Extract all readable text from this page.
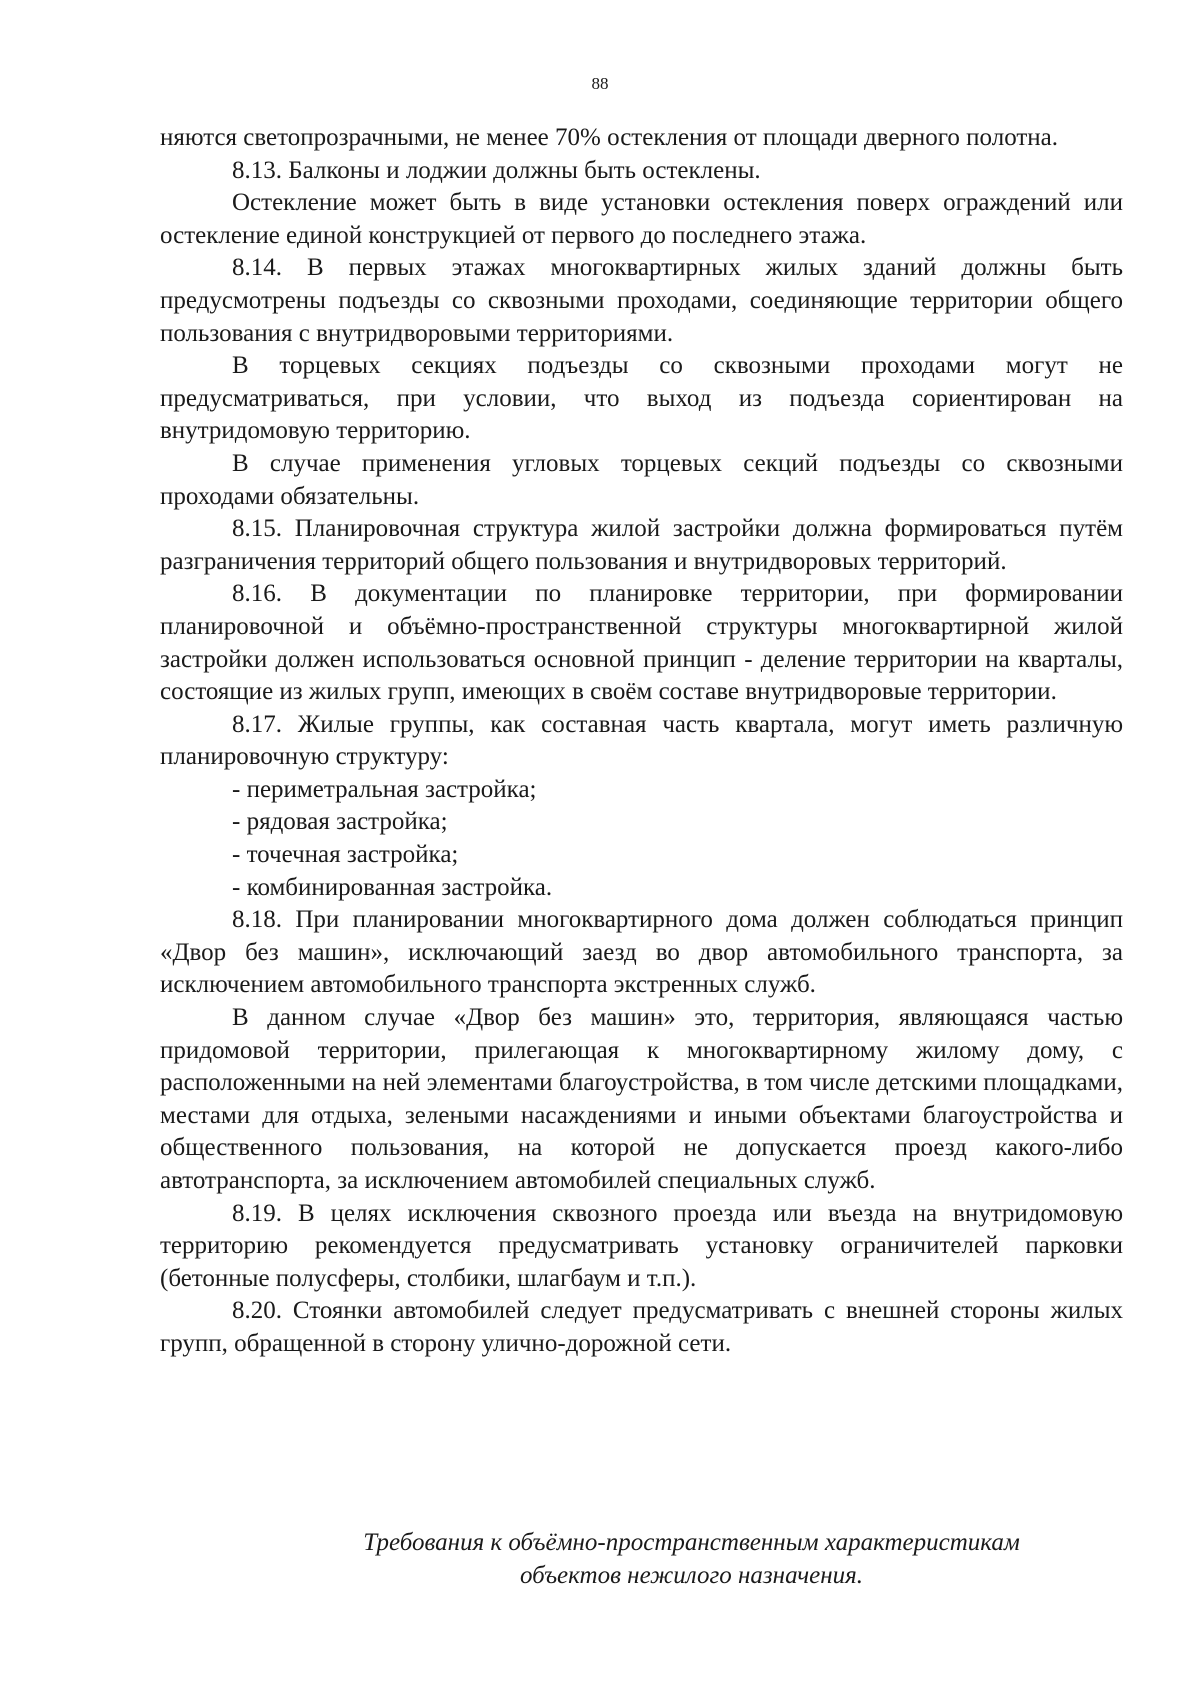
88

няются светопрозрачными, не менее 70% остекления от площади дверного полотна.

8.13. Балконы и лоджии должны быть остеклены.

Остекление может быть в виде установки остекления поверх ограждений или остекление единой конструкцией от первого до последнего этажа.

8.14. В первых этажах многоквартирных жилых зданий должны быть предусмотрены подъезды со сквозными проходами, соединяющие территории общего пользования с внутридворовыми территориями.

В торцевых секциях подъезды со сквозными проходами могут не предусматриваться, при условии, что выход из подъезда сориентирован на внутридомовую территорию.

В случае применения угловых торцевых секций подъезды со сквозными проходами обязательны.

8.15. Планировочная структура жилой застройки должна формироваться путём разграничения территорий общего пользования и внутридворовых территорий.

8.16. В документации по планировке территории, при формировании планировочной и объёмно-пространственной структуры многоквартирной жилой застройки должен использоваться основной принцип - деление территории на кварталы, состоящие из жилых групп, имеющих в своём составе внутридворовые территории.

8.17. Жилые группы, как составная часть квартала, могут иметь различную планировочную структуру:

- периметральная застройка;

- рядовая застройка;

- точечная застройка;

- комбинированная застройка.

8.18. При планировании многоквартирного дома должен соблюдаться принцип «Двор без машин», исключающий заезд во двор автомобильного транспорта, за исключением автомобильного транспорта экстренных служб.

В данном случае «Двор без машин» это, территория, являющаяся частью придомовой территории, прилегающая к многоквартирному жилому дому, с расположенными на ней элементами благоустройства, в том числе детскими площадками, местами для отдыха, зелеными насаждениями и иными объектами благоустройства и общественного пользования, на которой не допускается проезд какого-либо автотранспорта, за исключением автомобилей специальных служб.

8.19. В целях исключения сквозного проезда или въезда на внутридомовую территорию рекомендуется предусматривать установку ограничителей парковки (бетонные полусферы, столбики, шлагбаум и т.п.).

8.20. Стоянки автомобилей следует предусматривать с внешней стороны жилых групп, обращенной в сторону улично-дорожной сети.

Требования к объёмно-пространственным характеристикам
объектов нежилого назначения.
